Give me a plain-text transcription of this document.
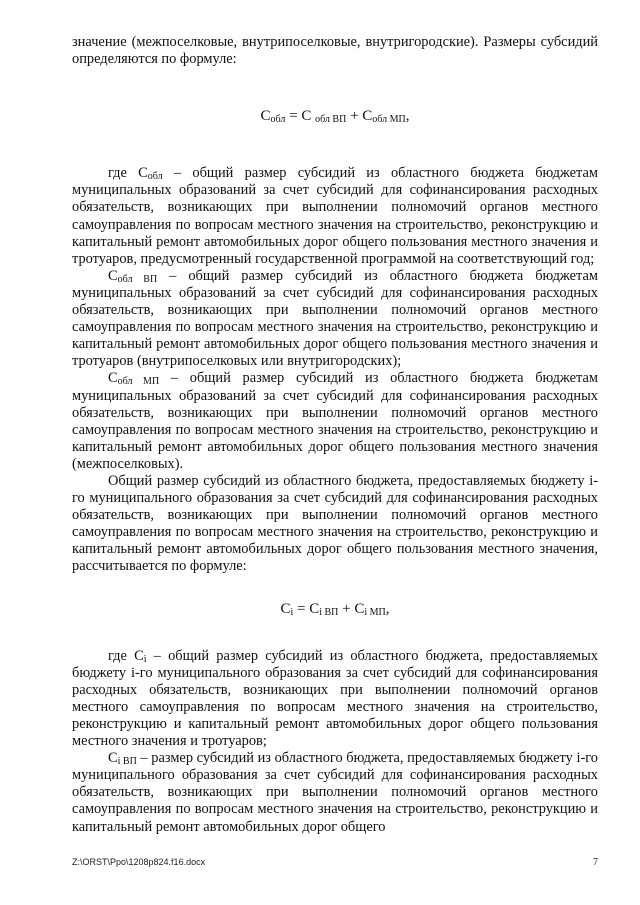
значение (межпоселковые, внутрипоселковые, внутригородские). Размеры субсидий определяются по формуле:

$С_{обл} = С$ $_{обл ВП} + С_{обл МП}$,

где $С_{обл}$ – общий размер субсидий из областного бюджета бюджетам муниципальных образований за счет субсидий для софинансирования расходных обязательств, возникающих при выполнении полномочий органов местного самоуправления по вопросам местного значения на строительство, реконструкцию и капитальный ремонт автомобильных дорог общего пользования местного значения и тротуаров, предусмотренный государственной программой на соответствующий год;

$С_{обл ВП}$ – общий размер субсидий из областного бюджета бюджетам муниципальных образований за счет субсидий для софинансирования расходных обязательств, возникающих при выполнении полномочий органов местного самоуправления по вопросам местного значения на строительство, реконструкцию и капитальный ремонт автомобильных дорог общего пользования местного значения и тротуаров (внутрипоселковых или внутригородских);

$С_{обл МП}$ – общий размер субсидий из областного бюджета бюджетам муниципальных образований за счет субсидий для софинансирования расходных обязательств, возникающих при выполнении полномочий органов местного самоуправления по вопросам местного значения на строительство, реконструкцию и капитальный ремонт автомобильных дорог общего пользования местного значения (межпоселковых).

Общий размер субсидий из областного бюджета, предоставляемых бюджету i-го муниципального образования за счет субсидий для софинансирования расходных обязательств, возникающих при выполнении полномочий органов местного самоуправления по вопросам местного значения на строительство, реконструкцию и капитальный ремонт автомобильных дорог общего пользования местного значения, рассчитывается по формуле:

$С_i = С_{i ВП} + С_{i МП}$,

где $С_i$ – общий размер субсидий из областного бюджета, предоставляемых бюджету i-го муниципального образования за счет субсидий для софинансирования расходных обязательств, возникающих при выполнении полномочий органов местного самоуправления по вопросам местного значения на строительство, реконструкцию и капитальный ремонт автомобильных дорог общего пользования местного значения и тротуаров;

$С_{i ВП}$ – размер субсидий из областного бюджета, предоставляемых бюджету i-го муниципального образования за счет субсидий для софинансирования расходных обязательств, возникающих при выполнении полномочий органов местного самоуправления по вопросам местного значения на строительство, реконструкцию и капитальный ремонт автомобильных дорог общего

Z:\ORST\Ppo\1208p824.f16.docx	7
